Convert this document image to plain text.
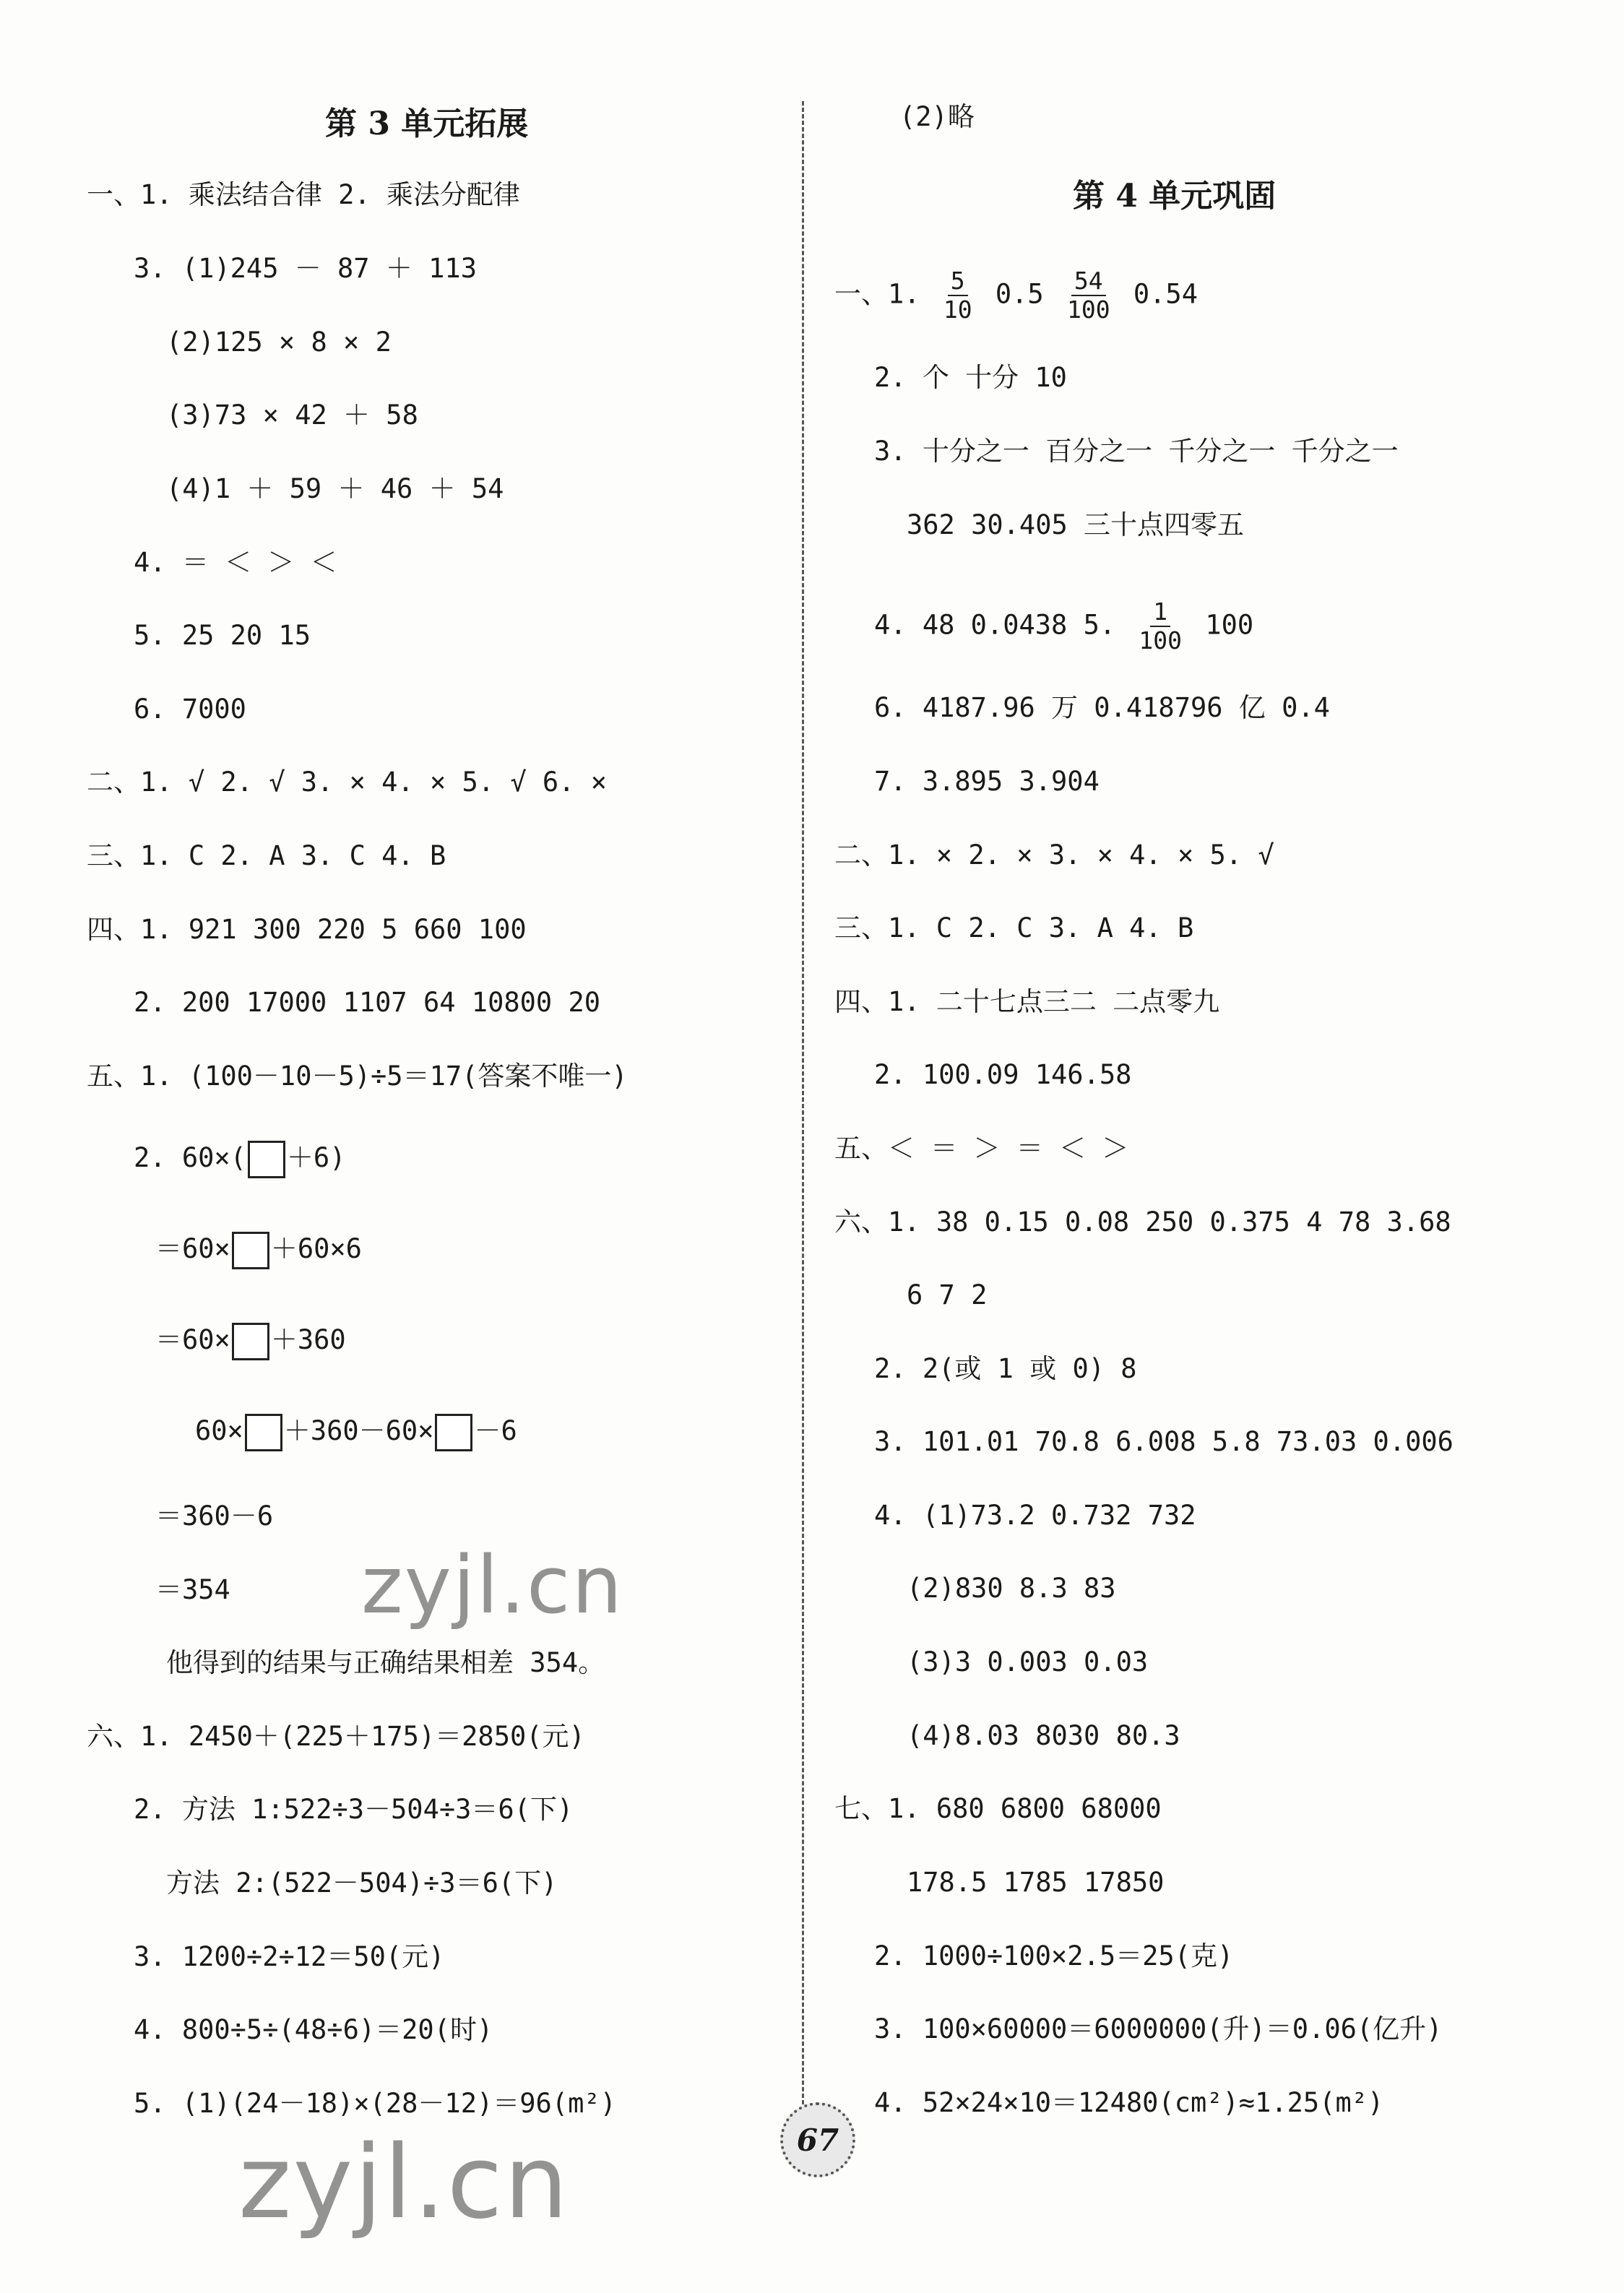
第 3 单元拓展
一、1. 乘法结合律 2. 乘法分配律
3. (1)245 － 87 ＋ 113
(2)125 × 8 × 2
(3)73 × 42 ＋ 58
(4)1 ＋ 59 ＋ 46 ＋ 54
4. ＝ ＜ ＞ ＜
5. 25 20 15
6. 7000
二、1. √ 2. √ 3. × 4. × 5. √ 6. ×
三、1. C 2. A 3. C 4. B
四、1. 921 300 220 5 660 100
2. 200 17000 1107 64 10800 20
五、1. (100－10－5)÷5＝17(答案不唯一)
2. 60×( ＋6)
＝60× ＋60×6
＝60× ＋360
60× ＋360－60× －6
＝360－6
＝354
他得到的结果与正确结果相差 354。
六、1. 2450＋(225＋175)＝2850(元)
2. 方法 1:522÷3－504÷3＝6(下)
方法 2:(522－504)÷3＝6(下)
3. 1200÷2÷12＝50(元)
4. 800÷5÷(48÷6)＝20(时)
5. (1)(24－18)×(28－12)＝96(m²)
(2)略
第 4 单元巩固
一、1. $\frac{5}{10} 0.5 \frac{54}{100} 0.54$
2. 个 十分 10
3. 十分之一 百分之一 千分之一 千分之一
362 30.405 三十点四零五
4. 48 0.0438 5. $\frac{1}{100} 100$
6. 4187.96 万 0.418796 亿 0.4
7. 3.895 3.904
二、1. × 2. × 3. × 4. × 5. √
三、1. C 2. C 3. A 4. B
四、1. 二十七点三二 二点零九
2. 100.09 146.58
五、＜ ＝ ＞ ＝ ＜ ＞
六、1. 38 0.15 0.08 250 0.375 4 78 3.68
6 7 2
2. 2(或 1 或 0) 8
3. 101.01 70.8 6.008 5.8 73.03 0.006
4. (1)73.2 0.732 732
(2)830 8.3 83
(3)3 0.003 0.03
(4)8.03 8030 80.3
七、1. 680 6800 68000
178.5 1785 17850
2. 1000÷100×2.5＝25(克)
3. 100×60000＝6000000(升)＝0.06(亿升)
4. 52×24×10＝12480(cm²)≈1.25(m²)
zyjl.cn
zyjl.cn	67
